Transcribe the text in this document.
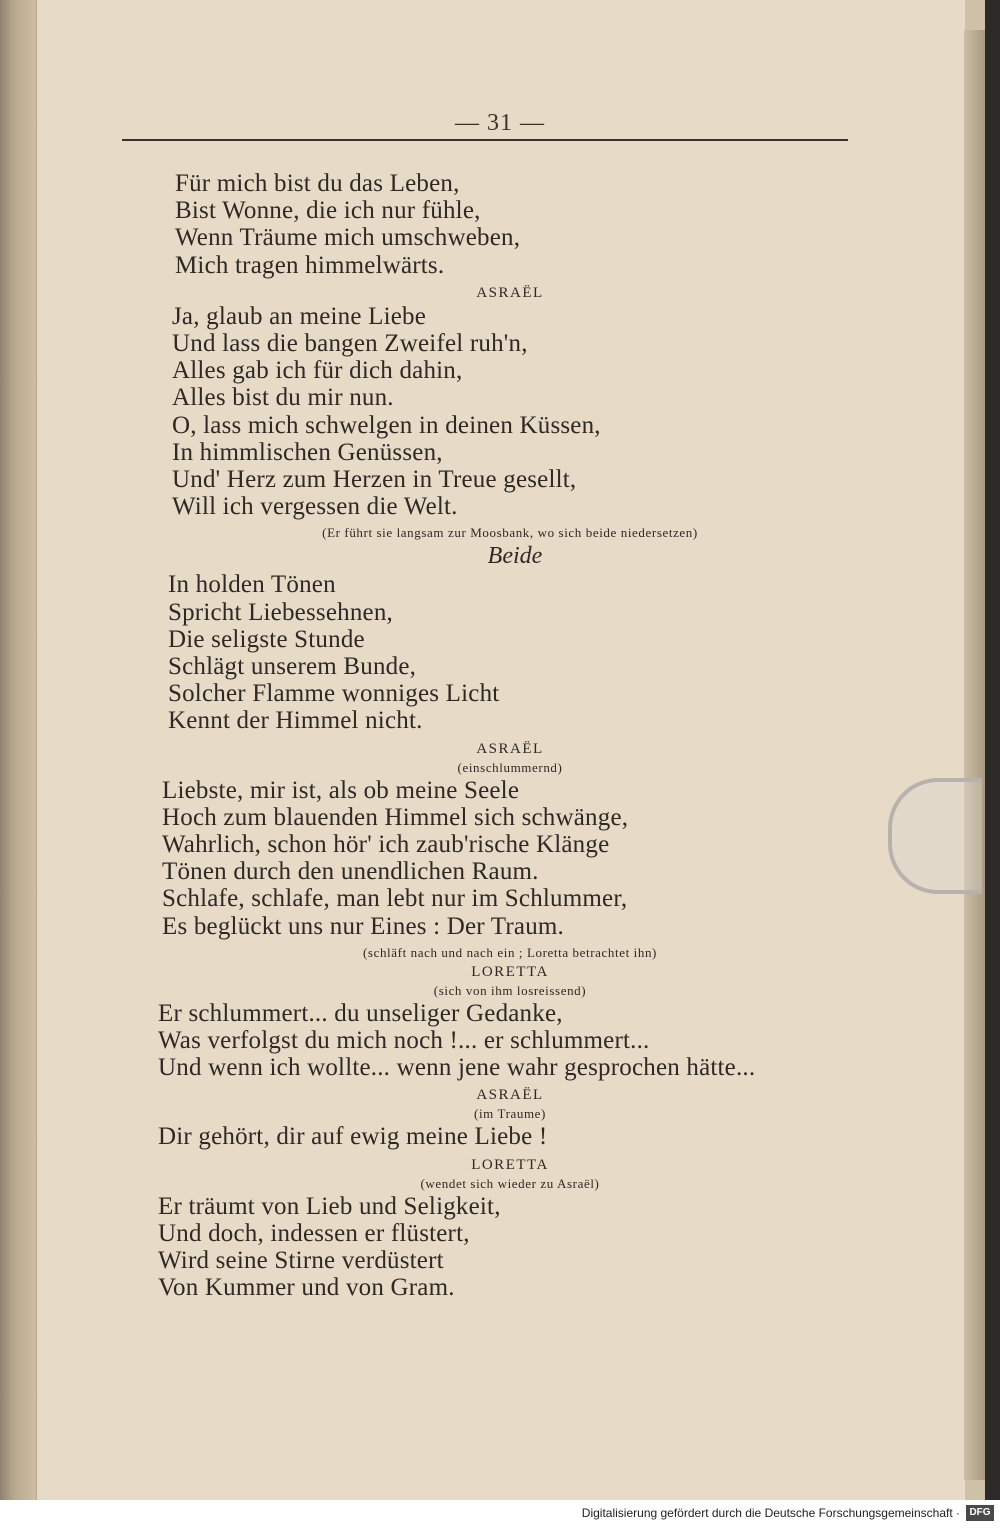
— 31 —
Für mich bist du das Leben,
Bist Wonne, die ich nur fühle,
Wenn Träume mich umschweben,
Mich tragen himmelwärts.
ASRAËL
Ja, glaub an meine Liebe
Und lass die bangen Zweifel ruh'n,
Alles gab ich für dich dahin,
Alles bist du mir nun.
O, lass mich schwelgen in deinen Küssen,
In himmlischen Genüssen,
Und' Herz zum Herzen in Treue gesellt,
Will ich vergessen die Welt.
(Er führt sie langsam zur Moosbank, wo sich beide niedersetzen)
Beide
In holden Tönen
Spricht Liebessehnen,
Die seligste Stunde
Schlägt unserem Bunde,
Solcher Flamme wonniges Licht
Kennt der Himmel nicht.
ASRAËL
(einschlummernd)
Liebste, mir ist, als ob meine Seele
Hoch zum blauenden Himmel sich schwänge,
Wahrlich, schon hör' ich zaub'rische Klänge
Tönen durch den unendlichen Raum.
Schlafe, schlafe, man lebt nur im Schlummer,
Es beglückt uns nur Eines : Der Traum.
(schläft nach und nach ein ; Loretta betrachtet ihn)
LORETTA
(sich von ihm losreissend)
Er schlummert... du unseliger Gedanke,
Was verfolgst du mich noch !... er schlummert...
Und wenn ich wollte... wenn jene wahr gesprochen hätte...
ASRAËL
(im Traume)
Dir gehört, dir auf ewig meine Liebe !
LORETTA
(wendet sich wieder zu Asraël)
Er träumt von Lieb und Seligkeit,
Und doch, indessen er flüstert,
Wird seine Stirne verdüstert
Von Kummer und von Gram.
Digitalisierung gefördert durch die Deutsche Forschungsgemeinschaft · DFG
